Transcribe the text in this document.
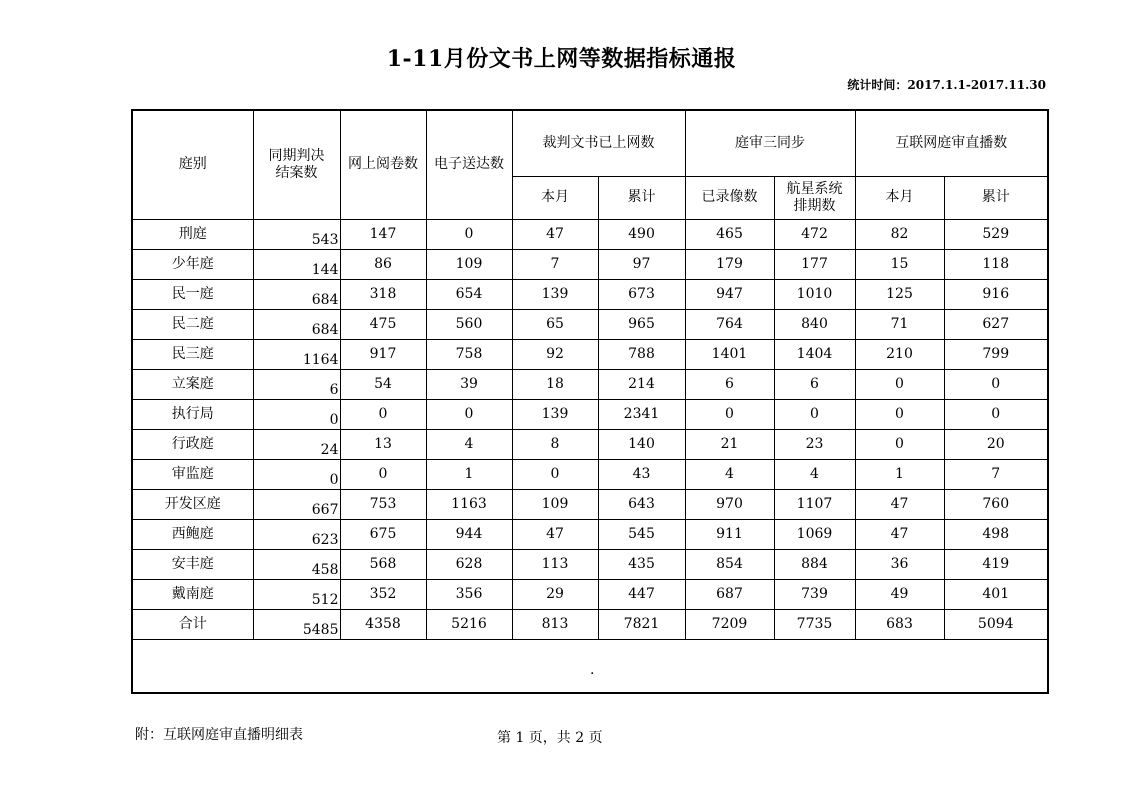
1-11月份文书上网等数据指标通报
统计时间：2017.1.1-2017.11.30
庭别	同期判决结案数	网上阅卷数	电子送达数	裁判文书已上网数		庭审三同步		互联网庭审直播数	
				本月	累计	已录像数	航星系统排期数	本月	累计
刑庭	543	147	0	47	490	465	472	82	529
少年庭	144	86	109	7	97	179	177	15	118
民一庭	684	318	654	139	673	947	1010	125	916
民二庭	684	475	560	65	965	764	840	71	627
民三庭	1164	917	758	92	788	1401	1404	210	799
立案庭	6	54	39	18	214	6	6	0	0
执行局	0	0	0	139	2341	0	0	0	0
行政庭	24	13	4	8	140	21	23	0	20
审监庭	0	0	1	0	43	4	4	1	7
开发区庭	667	753	1163	109	643	970	1107	47	760
西鲍庭	623	675	944	47	545	911	1069	47	498
安丰庭	458	568	628	113	435	854	884	36	419
戴南庭	512	352	356	29	447	687	739	49	401
合计	5485	4358	5216	813	7821	7209	7735	683	5094

.									
附：互联网庭审直播明细表	第 1 页，共 2 页
